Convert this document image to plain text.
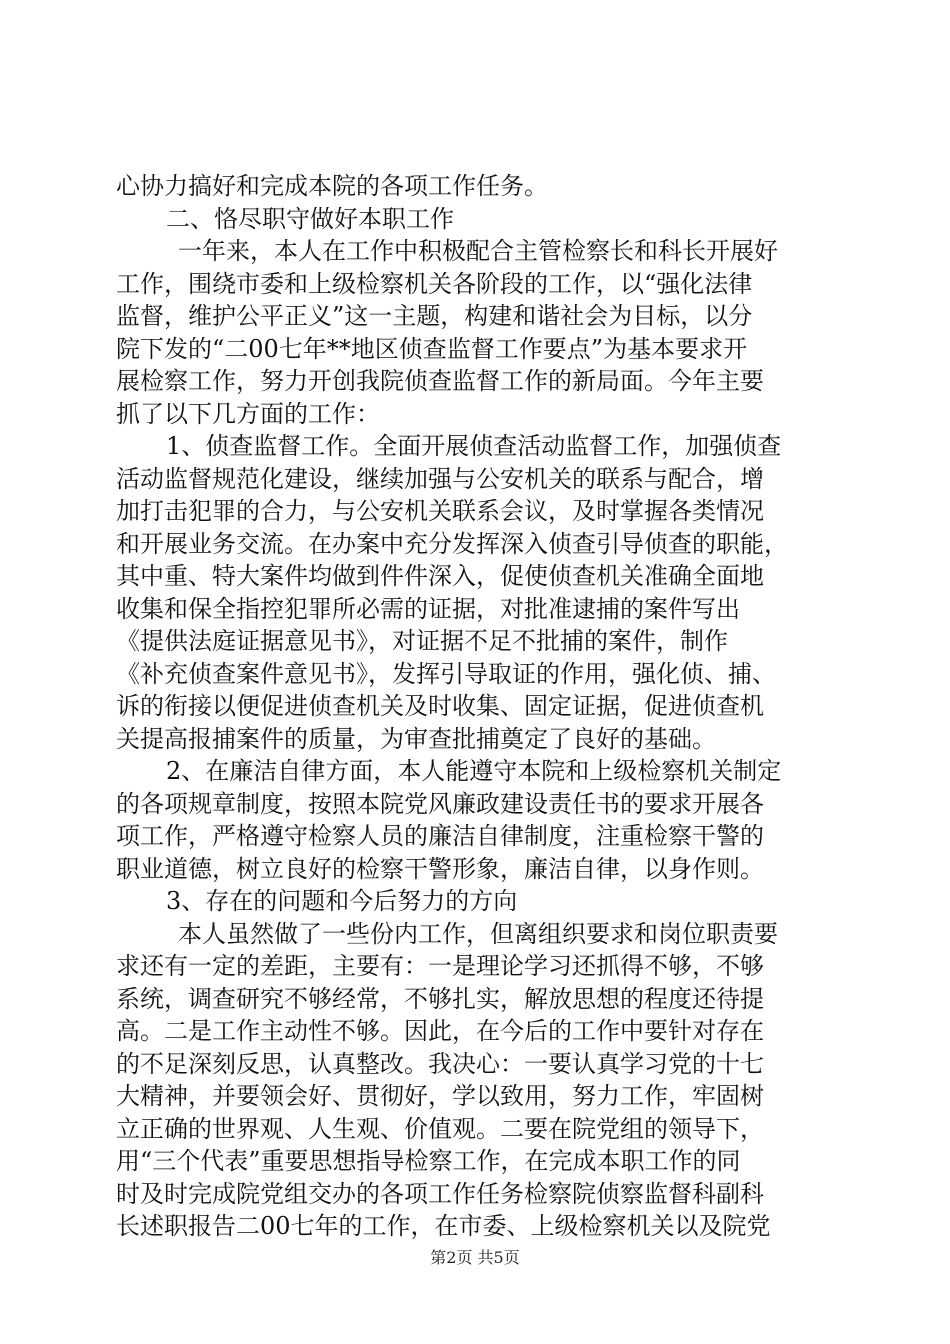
心协力搞好和完成本院的各项工作任务。
二、恪尽职守做好本职工作
一年来，本人在工作中积极配合主管检察长和科长开展好
工作，围绕市委和上级检察机关各阶段的工作，以“强化法律
监督，维护公平正义”这一主题，构建和谐社会为目标，以分
院下发的“二00七年**地区侦查监督工作要点”为基本要求开
展检察工作，努力开创我院侦查监督工作的新局面。今年主要
抓了以下几方面的工作：
1、侦查监督工作。全面开展侦查活动监督工作，加强侦查
活动监督规范化建设，继续加强与公安机关的联系与配合，增
加打击犯罪的合力，与公安机关联系会议，及时掌握各类情况
和开展业务交流。在办案中充分发挥深入侦查引导侦查的职能，
其中重、特大案件均做到件件深入，促使侦查机关准确全面地
收集和保全指控犯罪所必需的证据，对批准逮捕的案件写出
《提供法庭证据意见书》，对证据不足不批捕的案件，制作
《补充侦查案件意见书》，发挥引导取证的作用，强化侦、捕、
诉的衔接以便促进侦查机关及时收集、固定证据，促进侦查机
关提高报捕案件的质量，为审查批捕奠定了良好的基础。
2、在廉洁自律方面，本人能遵守本院和上级检察机关制定
的各项规章制度，按照本院党风廉政建设责任书的要求开展各
项工作，严格遵守检察人员的廉洁自律制度，注重检察干警的
职业道德，树立良好的检察干警形象，廉洁自律，以身作则。
3、存在的问题和今后努力的方向
本人虽然做了一些份内工作，但离组织要求和岗位职责要
求还有一定的差距，主要有：一是理论学习还抓得不够，不够
系统，调查研究不够经常，不够扎实，解放思想的程度还待提
高。二是工作主动性不够。因此，在今后的工作中要针对存在
的不足深刻反思，认真整改。我决心：一要认真学习党的十七
大精神，并要领会好、贯彻好，学以致用，努力工作，牢固树
立正确的世界观、人生观、价值观。二要在院党组的领导下，
用“三个代表”重要思想指导检察工作，在完成本职工作的同
时及时完成院党组交办的各项工作任务检察院侦察监督科副科
长述职报告二00七年的工作，在市委、上级检察机关以及院党
第2页 共5页
